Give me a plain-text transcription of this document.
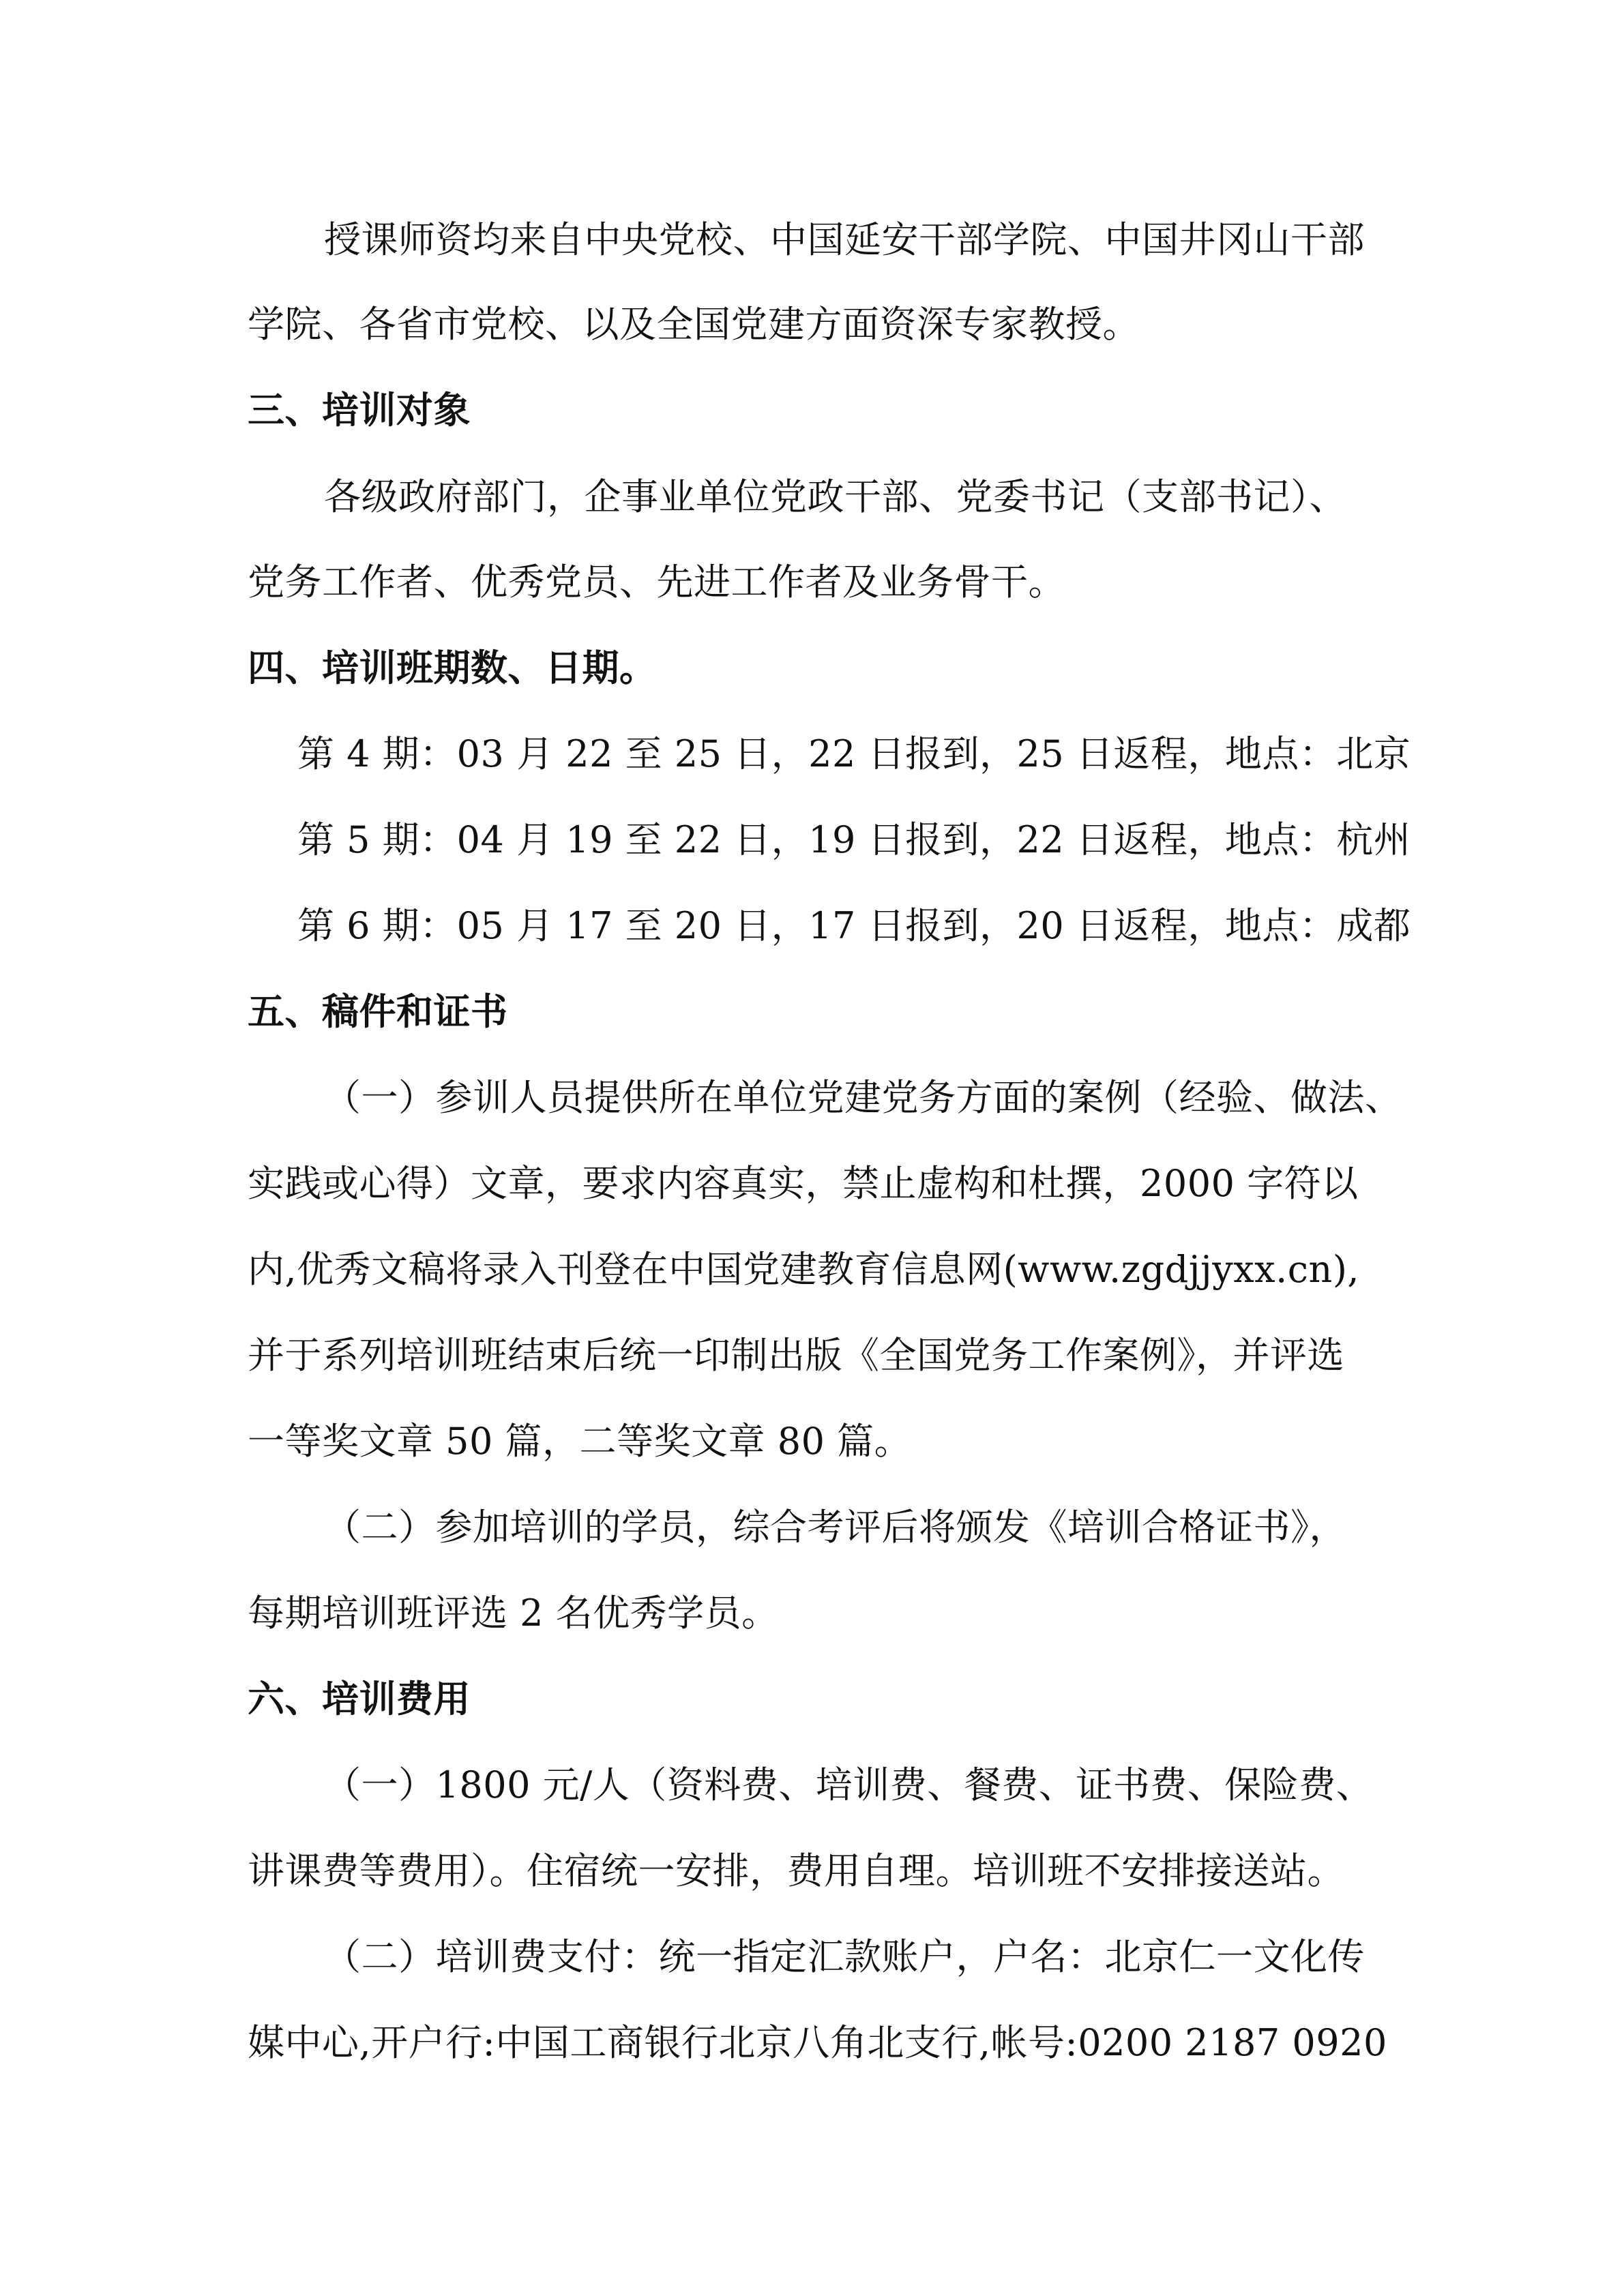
授课师资均来自中央党校、中国延安干部学院、中国井冈山干部
学院、各省市党校、以及全国党建方面资深专家教授。
三、培训对象
各级政府部门，企事业单位党政干部、党委书记（支部书记）、
党务工作者、优秀党员、先进工作者及业务骨干。
四、培训班期数、日期。
第 4 期：03 月 22 至 25 日，22 日报到，25 日返程，地点：北京
第 5 期：04 月 19 至 22 日，19 日报到，22 日返程，地点：杭州
第 6 期：05 月 17 至 20 日，17 日报到，20 日返程，地点：成都
五、稿件和证书
（一）参训人员提供所在单位党建党务方面的案例（经验、做法、
实践或心得）文章，要求内容真实，禁止虚构和杜撰，2000 字符以
内,优秀文稿将录入刊登在中国党建教育信息网(www.zgdjjyxx.cn),
并于系列培训班结束后统一印制出版《全国党务工作案例》，并评选
一等奖文章 50 篇，二等奖文章 80 篇。
（二）参加培训的学员，综合考评后将颁发《培训合格证书》，
每期培训班评选 2 名优秀学员。
六、培训费用
（一）1800 元/人（资料费、培训费、餐费、证书费、保险费、
讲课费等费用）。住宿统一安排，费用自理。培训班不安排接送站。
（二）培训费支付：统一指定汇款账户，户名：北京仁一文化传
媒中心,开户行:中国工商银行北京八角北支行,帐号:0200 2187 0920
